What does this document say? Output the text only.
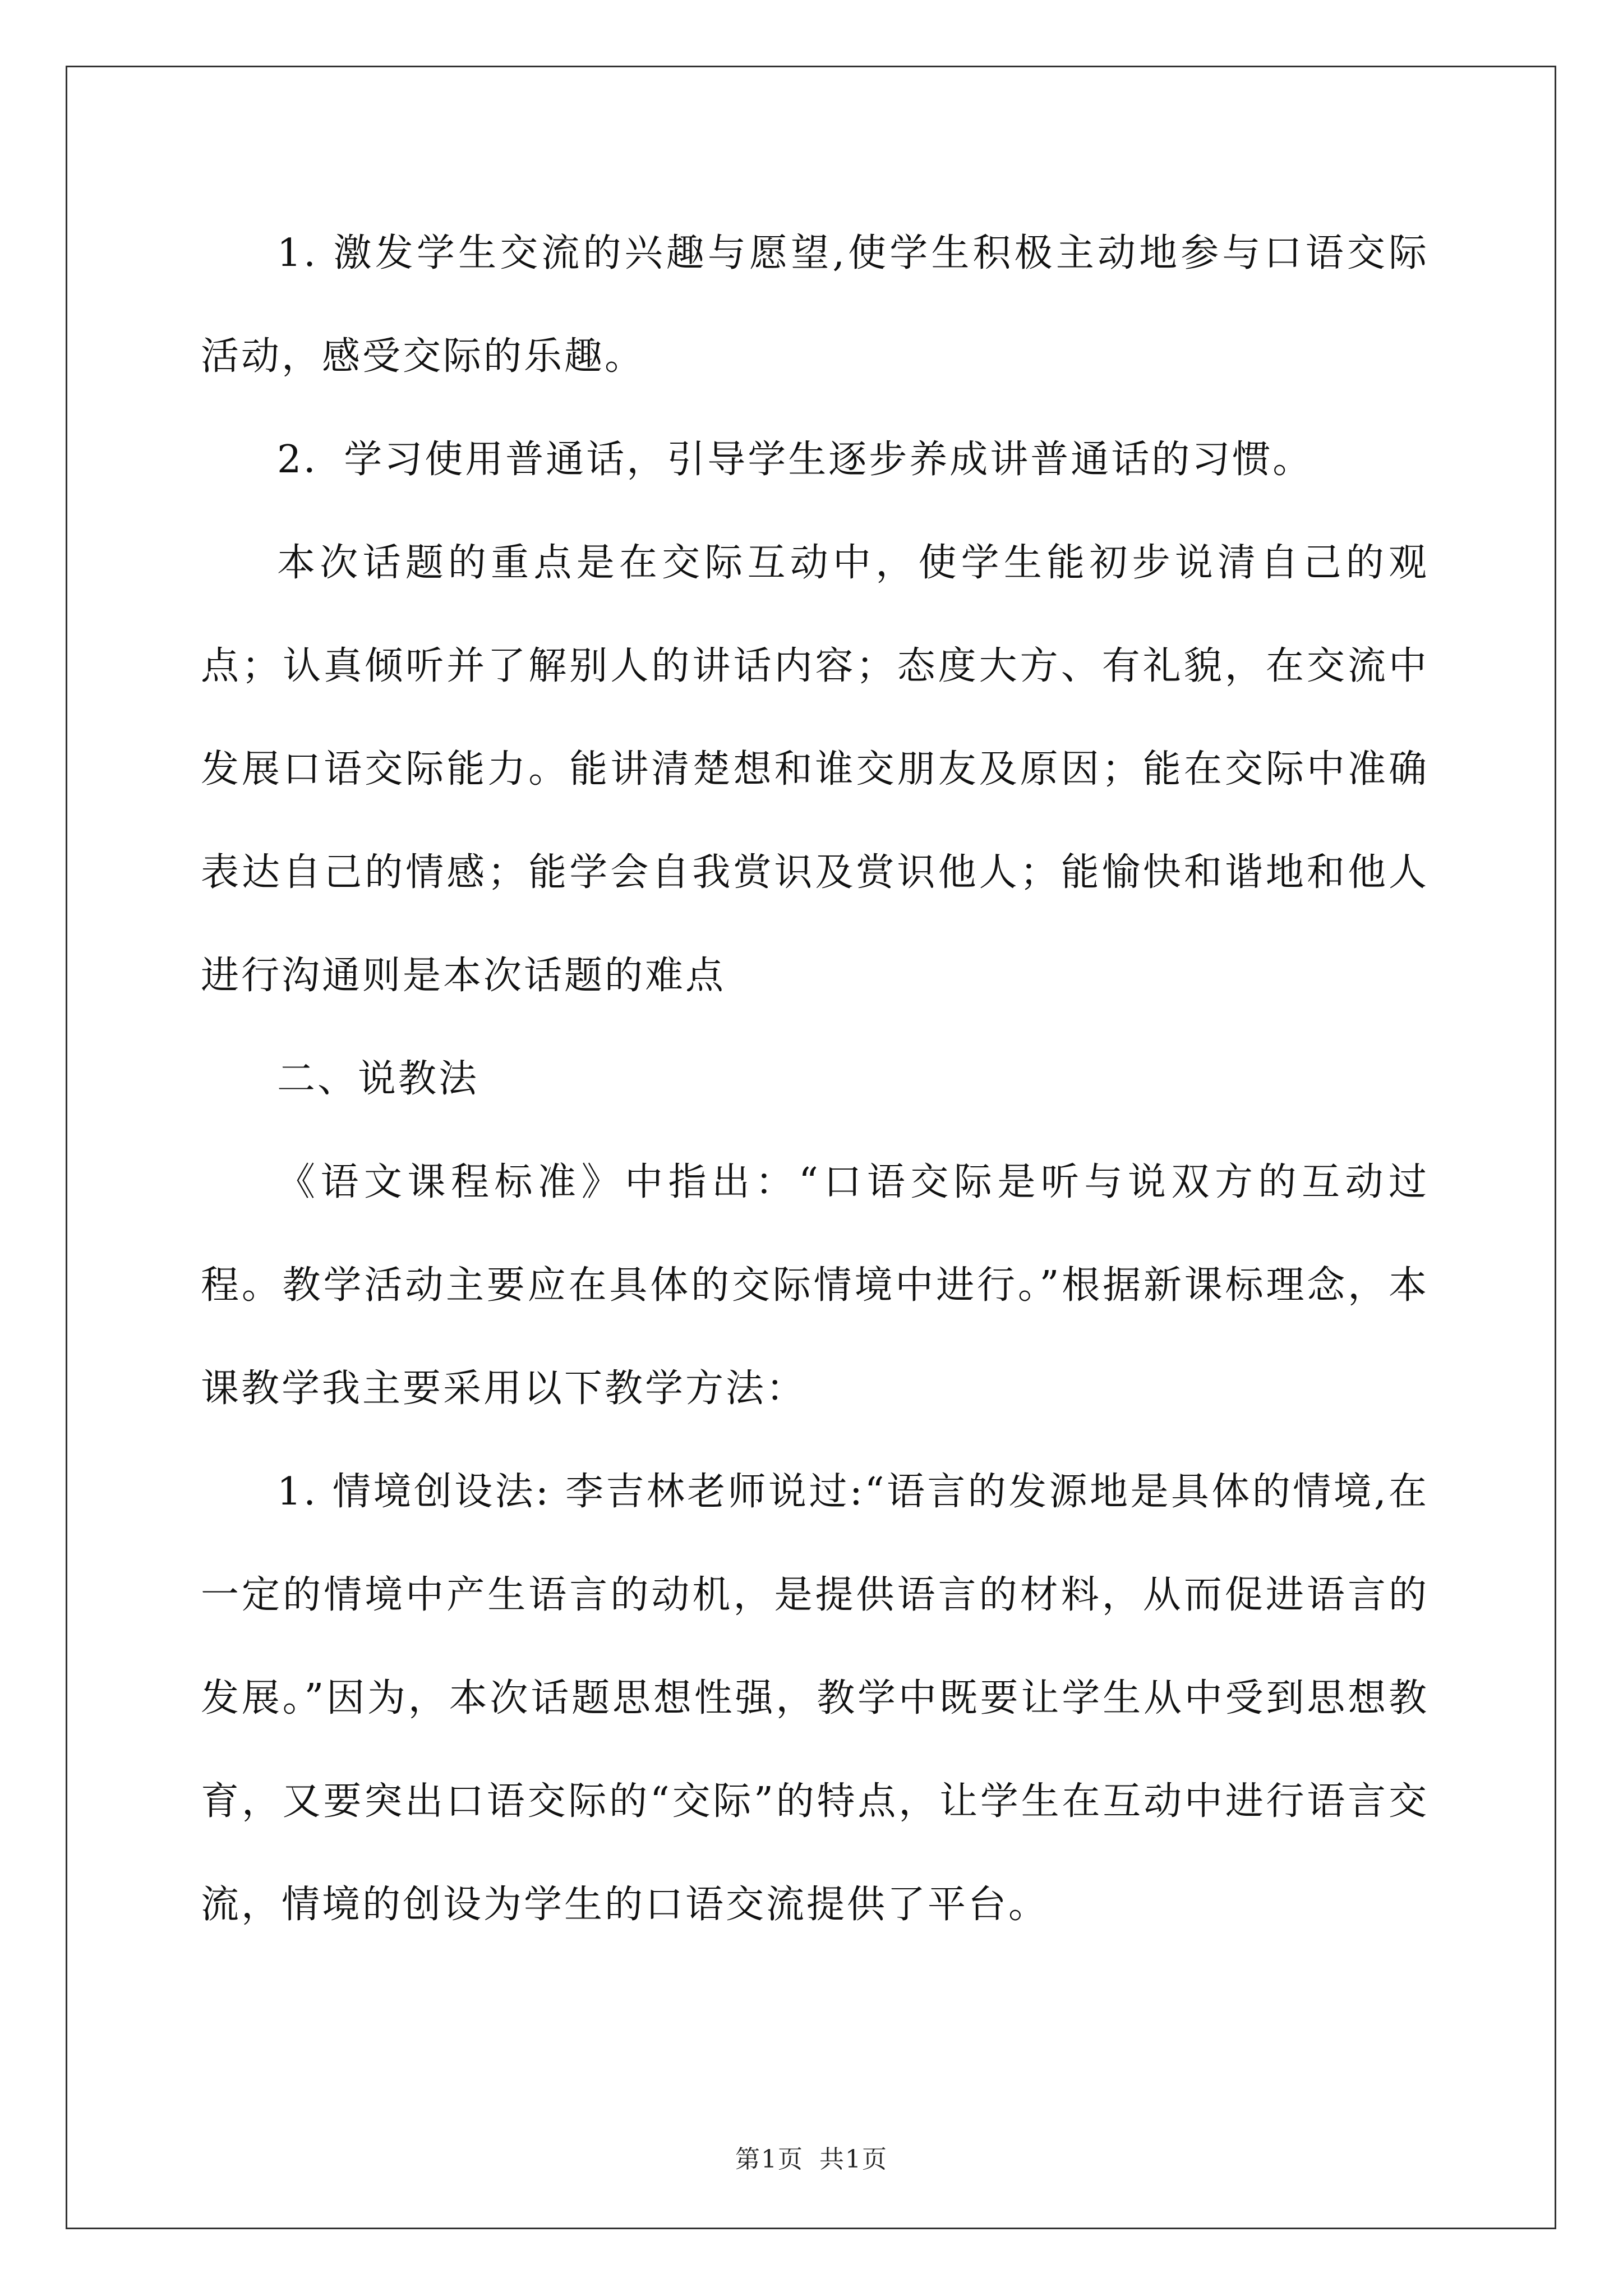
1. 激发学生交流的兴趣与愿望,使学生积极主动地参与口语交际活动，感受交际的乐趣。

2．学习使用普通话，引导学生逐步养成讲普通话的习惯。

本次话题的重点是在交际互动中，使学生能初步说清自己的观点；认真倾听并了解别人的讲话内容；态度大方、有礼貌，在交流中发展口语交际能力。能讲清楚想和谁交朋友及原因；能在交际中准确表达自己的情感；能学会自我赏识及赏识他人；能愉快和谐地和他人进行沟通则是本次话题的难点

二、说教法

《语文课程标准》中指出：“口语交际是听与说双方的互动过程。教学活动主要应在具体的交际情境中进行。”根据新课标理念，本课教学我主要采用以下教学方法：

1. 情境创设法: 李吉林老师说过:“语言的发源地是具体的情境,在一定的情境中产生语言的动机，是提供语言的材料，从而促进语言的发展。”因为，本次话题思想性强，教学中既要让学生从中受到思想教育，又要突出口语交际的“交际”的特点，让学生在互动中进行语言交流，情境的创设为学生的口语交流提供了平台。

第1页 共1页
